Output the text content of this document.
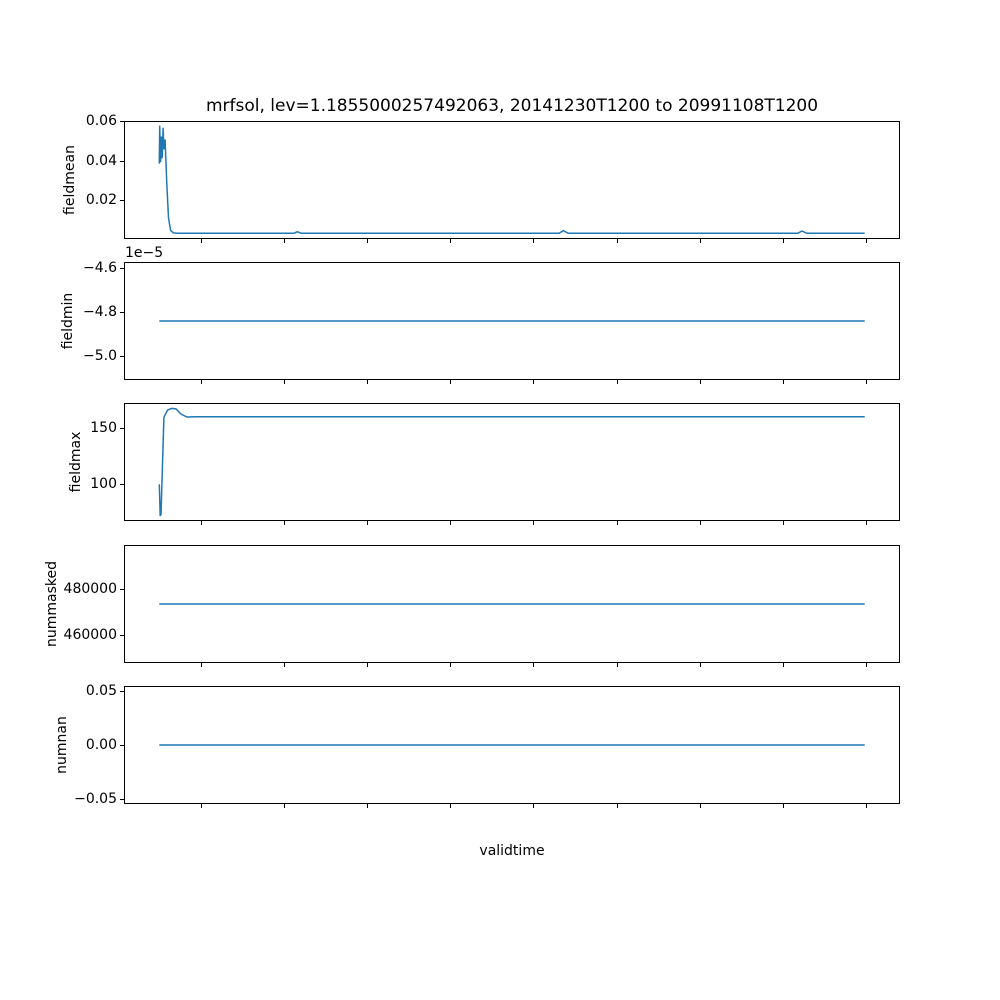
mrfsol, lev=1.1855000257492063, 20141230T1200 to 20991108T1200
validtime
0.02
0.04
0.06
fieldmean
−5.0
−4.8
−4.6
fieldmin
1e−5
100
150
fieldmax
460000
480000
nummasked
−0.05
0.00
0.05
numnan
